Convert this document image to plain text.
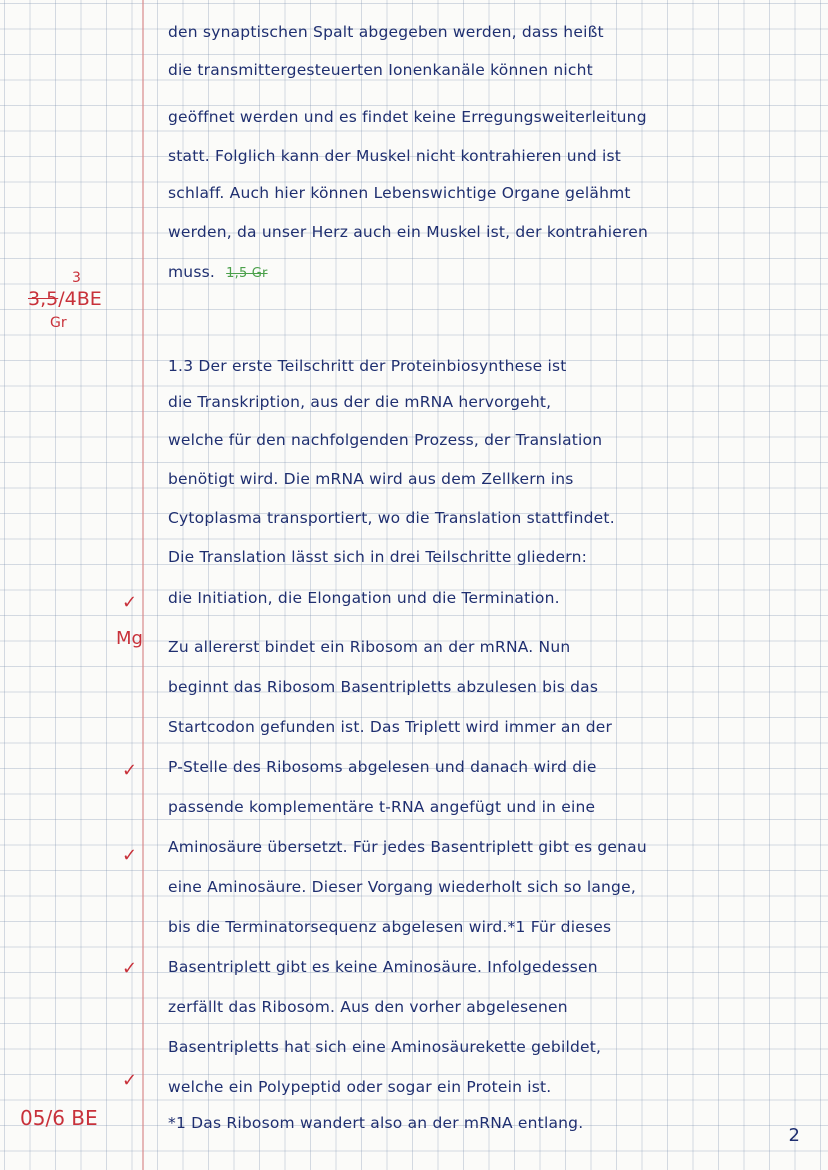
den synaptischen Spalt abgegeben werden, dass heißt
die transmittergesteuerten Ionenkanäle können nicht
geöffnet werden und es findet keine Erregungsweiterleitung
statt. Folglich kann der Muskel nicht kontrahieren und ist
schlaff. Auch hier können Lebenswichtige Organe gelähmt
werden, da unser Herz auch ein Muskel ist, der kontrahieren
muss. 1,5 Gr
3
3,5/4BE
Gr
1.3 Der erste Teilschritt der Proteinbiosynthese ist
die Transkription, aus der die mRNA hervorgeht,
welche für den nachfolgenden Prozess, der Translation
benötigt wird. Die mRNA wird aus dem Zellkern ins
Cytoplasma transportiert, wo die Translation stattfindet.
Die Translation lässt sich in drei Teilschritte gliedern:
die Initiation, die Elongation und die Termination.
Zu allererst bindet ein Ribosom an der mRNA. Nun
beginnt das Ribosom Basentripletts abzulesen bis das
Startcodon gefunden ist. Das Triplett wird immer an der
P-Stelle des Ribosoms abgelesen und danach wird die
passende komplementäre t-RNA angefügt und in eine
Aminosäure übersetzt. Für jedes Basentriplett gibt es genau
eine Aminosäure. Dieser Vorgang wiederholt sich so lange,
bis die Terminatorsequenz abgelesen wird.*1 Für dieses
Basentriplett gibt es keine Aminosäure. Infolgedessen
zerfällt das Ribosom. Aus den vorher abgelesenen
Basentripletts hat sich eine Aminosäurekette gebildet,
welche ein Polypeptid oder sogar ein Protein ist.
*1 Das Ribosom wandert also an der mRNA entlang.
✓
Mg
✓
✓
✓
✓
05/6 BE
2
